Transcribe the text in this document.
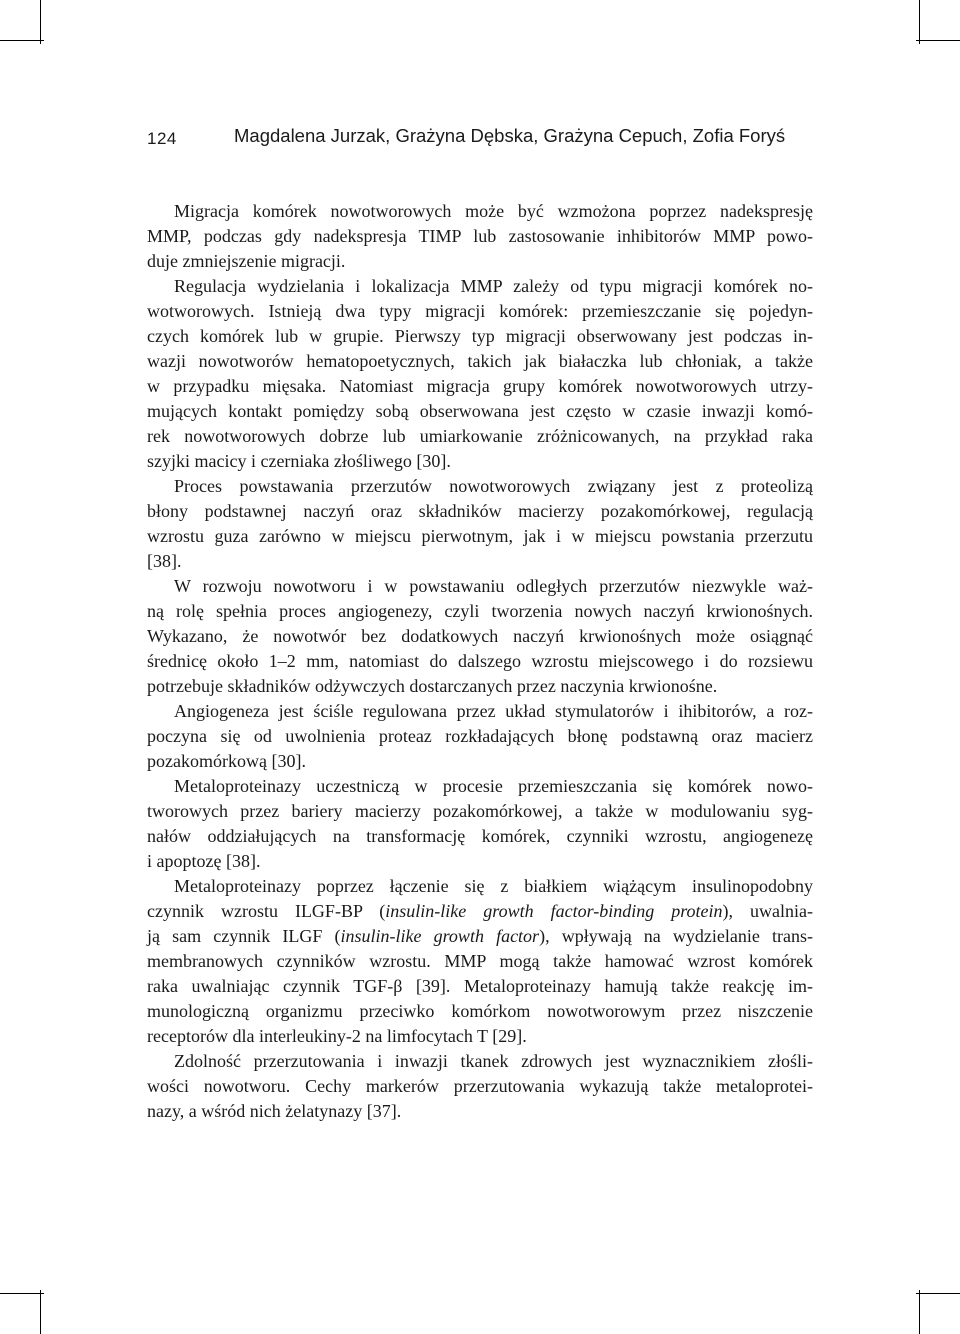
124	Magdalena Jurzak, Grażyna Dębska, Grażyna Cepuch, Zofia Foryś
Migracja komórek nowotworowych może być wzmożona poprzez nadekspresję
MMP, podczas gdy nadekspresja TIMP lub zastosowanie inhibitorów MMP powo-
duje zmniejszenie migracji.
Regulacja wydzielania i lokalizacja MMP zależy od typu migracji komórek no-
wotworowych. Istnieją dwa typy migracji komórek: przemieszczanie się pojedyn-
czych komórek lub w grupie. Pierwszy typ migracji obserwowany jest podczas in-
wazji nowotworów hematopoetycznych, takich jak białaczka lub chłoniak, a także
w przypadku mięsaka. Natomiast migracja grupy komórek nowotworowych utrzy-
mujących kontakt pomiędzy sobą obserwowana jest często w czasie inwazji komó-
rek nowotworowych dobrze lub umiarkowanie zróżnicowanych, na przykład raka
szyjki macicy i czerniaka złośliwego [30].
Proces powstawania przerzutów nowotworowych związany jest z proteolizą
błony podstawnej naczyń oraz składników macierzy pozakomórkowej, regulacją
wzrostu guza zarówno w miejscu pierwotnym, jak i w miejscu powstania przerzutu
[38].
W rozwoju nowotworu i w powstawaniu odległych przerzutów niezwykle waż-
ną rolę spełnia proces angiogenezy, czyli tworzenia nowych naczyń krwionośnych.
Wykazano, że nowotwór bez dodatkowych naczyń krwionośnych może osiągnąć
średnicę około 1–2 mm, natomiast do dalszego wzrostu miejscowego i do rozsiewu
potrzebuje składników odżywczych dostarczanych przez naczynia krwionośne.
Angiogeneza jest ściśle regulowana przez układ stymulatorów i ihibitorów, a roz-
poczyna się od uwolnienia proteaz rozkładających błonę podstawną oraz macierz
pozakomórkową [30].
Metaloproteinazy uczestniczą w procesie przemieszczania się komórek nowo-
tworowych przez bariery macierzy pozakomórkowej, a także w modulowaniu syg-
nałów oddziałujących na transformację komórek, czynniki wzrostu, angiogenezę
i apoptozę [38].
Metaloproteinazy poprzez łączenie się z białkiem wiążącym insulinopodobny
czynnik wzrostu ILGF-BP (insulin-like growth factor-binding protein), uwalnia-
ją sam czynnik ILGF (insulin-like growth factor), wpływają na wydzielanie trans-
membranowych czynników wzrostu. MMP mogą także hamować wzrost komórek
raka uwalniając czynnik TGF-β [39]. Metaloproteinazy hamują także reakcję im-
munologiczną organizmu przeciwko komórkom nowotworowym przez niszczenie
receptorów dla interleukiny-2 na limfocytach T [29].
Zdolność przerzutowania i inwazji tkanek zdrowych jest wyznacznikiem złośli-
wości nowotworu. Cechy markerów przerzutowania wykazują także metaloprotei-
nazy, a wśród nich żelatynazy [37].
